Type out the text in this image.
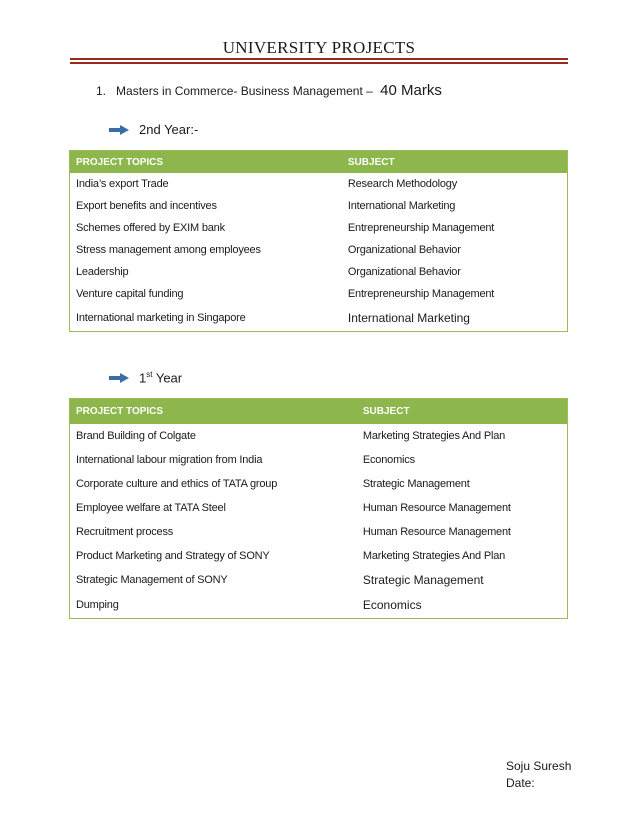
UNIVERSITY PROJECTS
1. Masters in Commerce- Business Management – 40 Marks
2nd Year:-
PROJECT TOPICS	SUBJECT
India’s export Trade	Research Methodology
Export benefits and incentives	International Marketing
Schemes offered by EXIM bank	Entrepreneurship Management
Stress management among employees	Organizational Behavior
Leadership	Organizational Behavior
Venture capital funding	Entrepreneurship Management
International marketing in Singapore	International Marketing
1st Year
PROJECT TOPICS	SUBJECT
Brand Building of Colgate	Marketing Strategies And Plan
International labour migration from India	Economics
Corporate culture and ethics of TATA group	Strategic Management
Employee welfare at TATA Steel	Human Resource Management
Recruitment process	Human Resource Management
Product Marketing and Strategy of SONY	Marketing Strategies And Plan
Strategic Management of SONY	Strategic Management
Dumping	Economics
Soju Suresh
Date:
